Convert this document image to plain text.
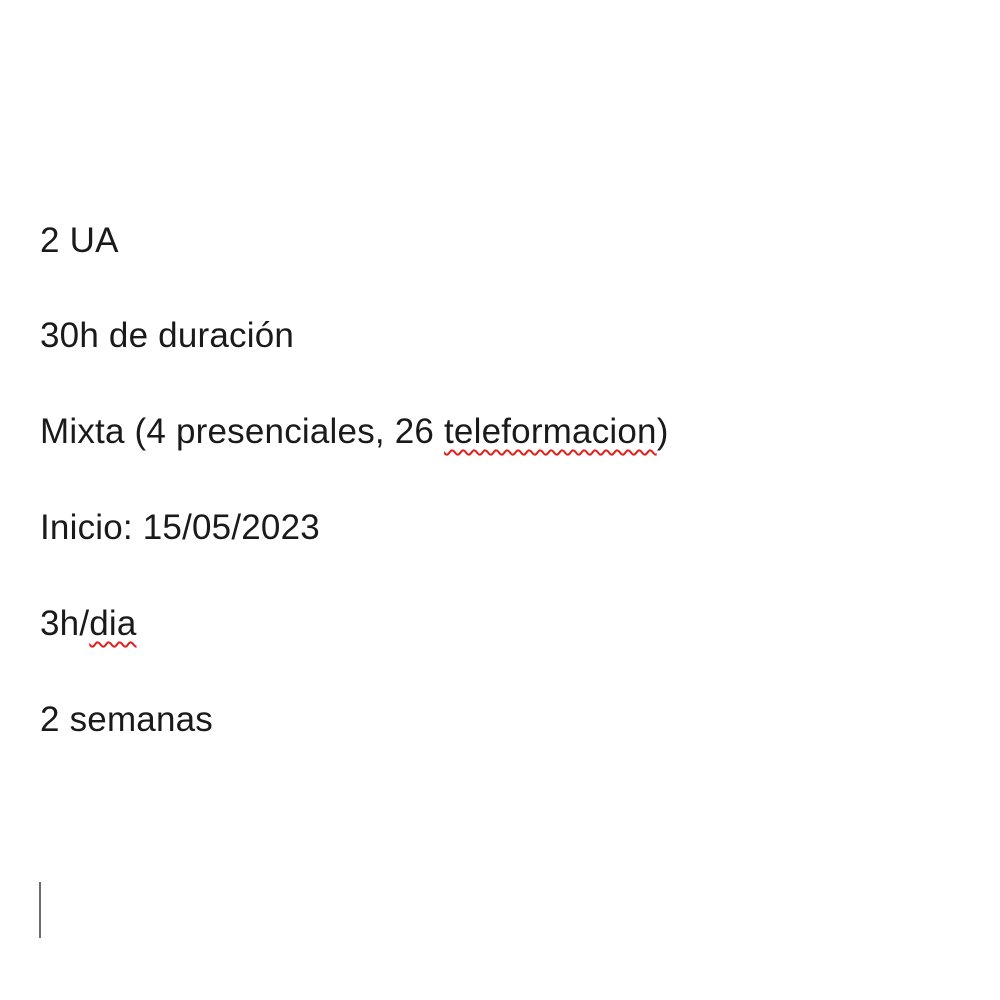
2 UA

30h de duración

Mixta (4 presenciales, 26 teleformacion)

Inicio: 15/05/2023

3h/dia

2 semanas
